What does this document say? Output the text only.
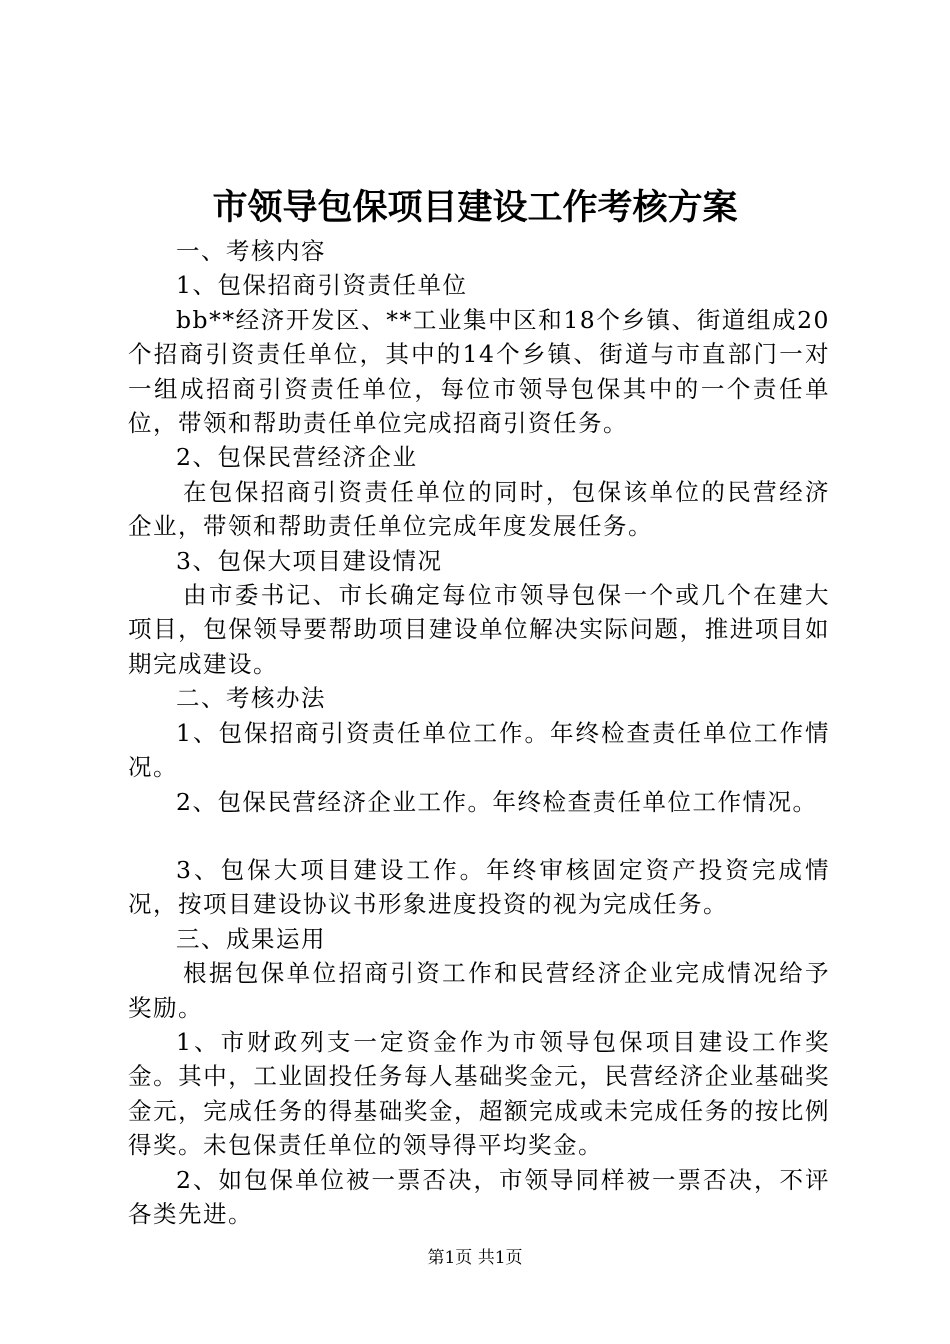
市领导包保项目建设工作考核方案

一、考核内容

1、包保招商引资责任单位

bb**经济开发区、**工业集中区和18个乡镇、街道组成20个招商引资责任单位，其中的14个乡镇、街道与市直部门一对一组成招商引资责任单位，每位市领导包保其中的一个责任单位，带领和帮助责任单位完成招商引资任务。

2、包保民营经济企业

在包保招商引资责任单位的同时，包保该单位的民营经济企业，带领和帮助责任单位完成年度发展任务。

3、包保大项目建设情况

由市委书记、市长确定每位市领导包保一个或几个在建大项目，包保领导要帮助项目建设单位解决实际问题，推进项目如期完成建设。

二、考核办法

1、包保招商引资责任单位工作。年终检查责任单位工作情况。

2、包保民营经济企业工作。年终检查责任单位工作情况。

3、包保大项目建设工作。年终审核固定资产投资完成情况，按项目建设协议书形象进度投资的视为完成任务。

三、成果运用

根据包保单位招商引资工作和民营经济企业完成情况给予奖励。

1、市财政列支一定资金作为市领导包保项目建设工作奖金。其中，工业固投任务每人基础奖金元，民营经济企业基础奖金元，完成任务的得基础奖金，超额完成或未完成任务的按比例得奖。未包保责任单位的领导得平均奖金。

2、如包保单位被一票否决，市领导同样被一票否决，不评各类先进。

第1页 共1页
